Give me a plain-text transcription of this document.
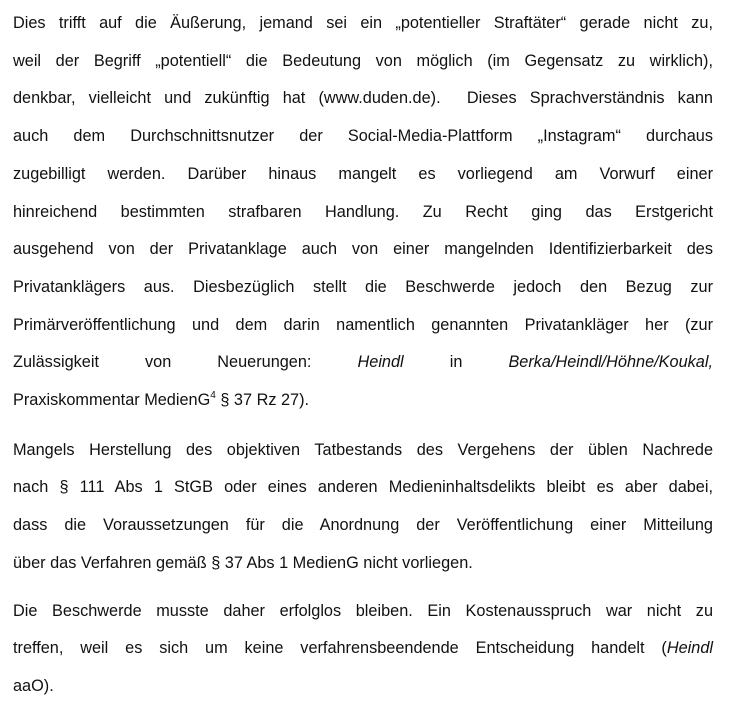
Dies trifft auf die Äußerung, jemand sei ein „potentieller Straftäter“ gerade nicht zu,
weil der Begriff „potentiell“ die Bedeutung von möglich (im Gegensatz zu wirklich),
denkbar, vielleicht und zukünftig hat (www.duden.de).  Dieses Sprachverständnis kann
auch dem Durchschnittsnutzer der Social-Media-Plattform „Instagram“ durchaus
zugebilligt werden. Darüber hinaus mangelt es vorliegend am Vorwurf einer
hinreichend bestimmten strafbaren Handlung. Zu Recht ging das Erstgericht
ausgehend von der Privatanklage auch von einer mangelnden Identifizierbarkeit des
Privatanklägers aus. Diesbezüglich stellt die Beschwerde jedoch den Bezug zur
Primärveröffentlichung und dem darin namentlich genannten Privatankläger her (zur
Zulässigkeit von Neuerungen: Heindl in Berka/Heindl/Höhne/Koukal,
Praxiskommentar MedienG$^4$ § 37 Rz 27).

Mangels Herstellung des objektiven Tatbestands des Vergehens der üblen Nachrede
nach § 111 Abs 1 StGB oder eines anderen Medieninhaltsdelikts bleibt es aber dabei,
dass die Voraussetzungen für die Anordnung der Veröffentlichung einer Mitteilung
über das Verfahren gemäß § 37 Abs 1 MedienG nicht vorliegen.

Die Beschwerde musste daher erfolglos bleiben. Ein Kostenausspruch war nicht zu
treffen, weil es sich um keine verfahrensbeendende Entscheidung handelt (Heindl
aaO).
